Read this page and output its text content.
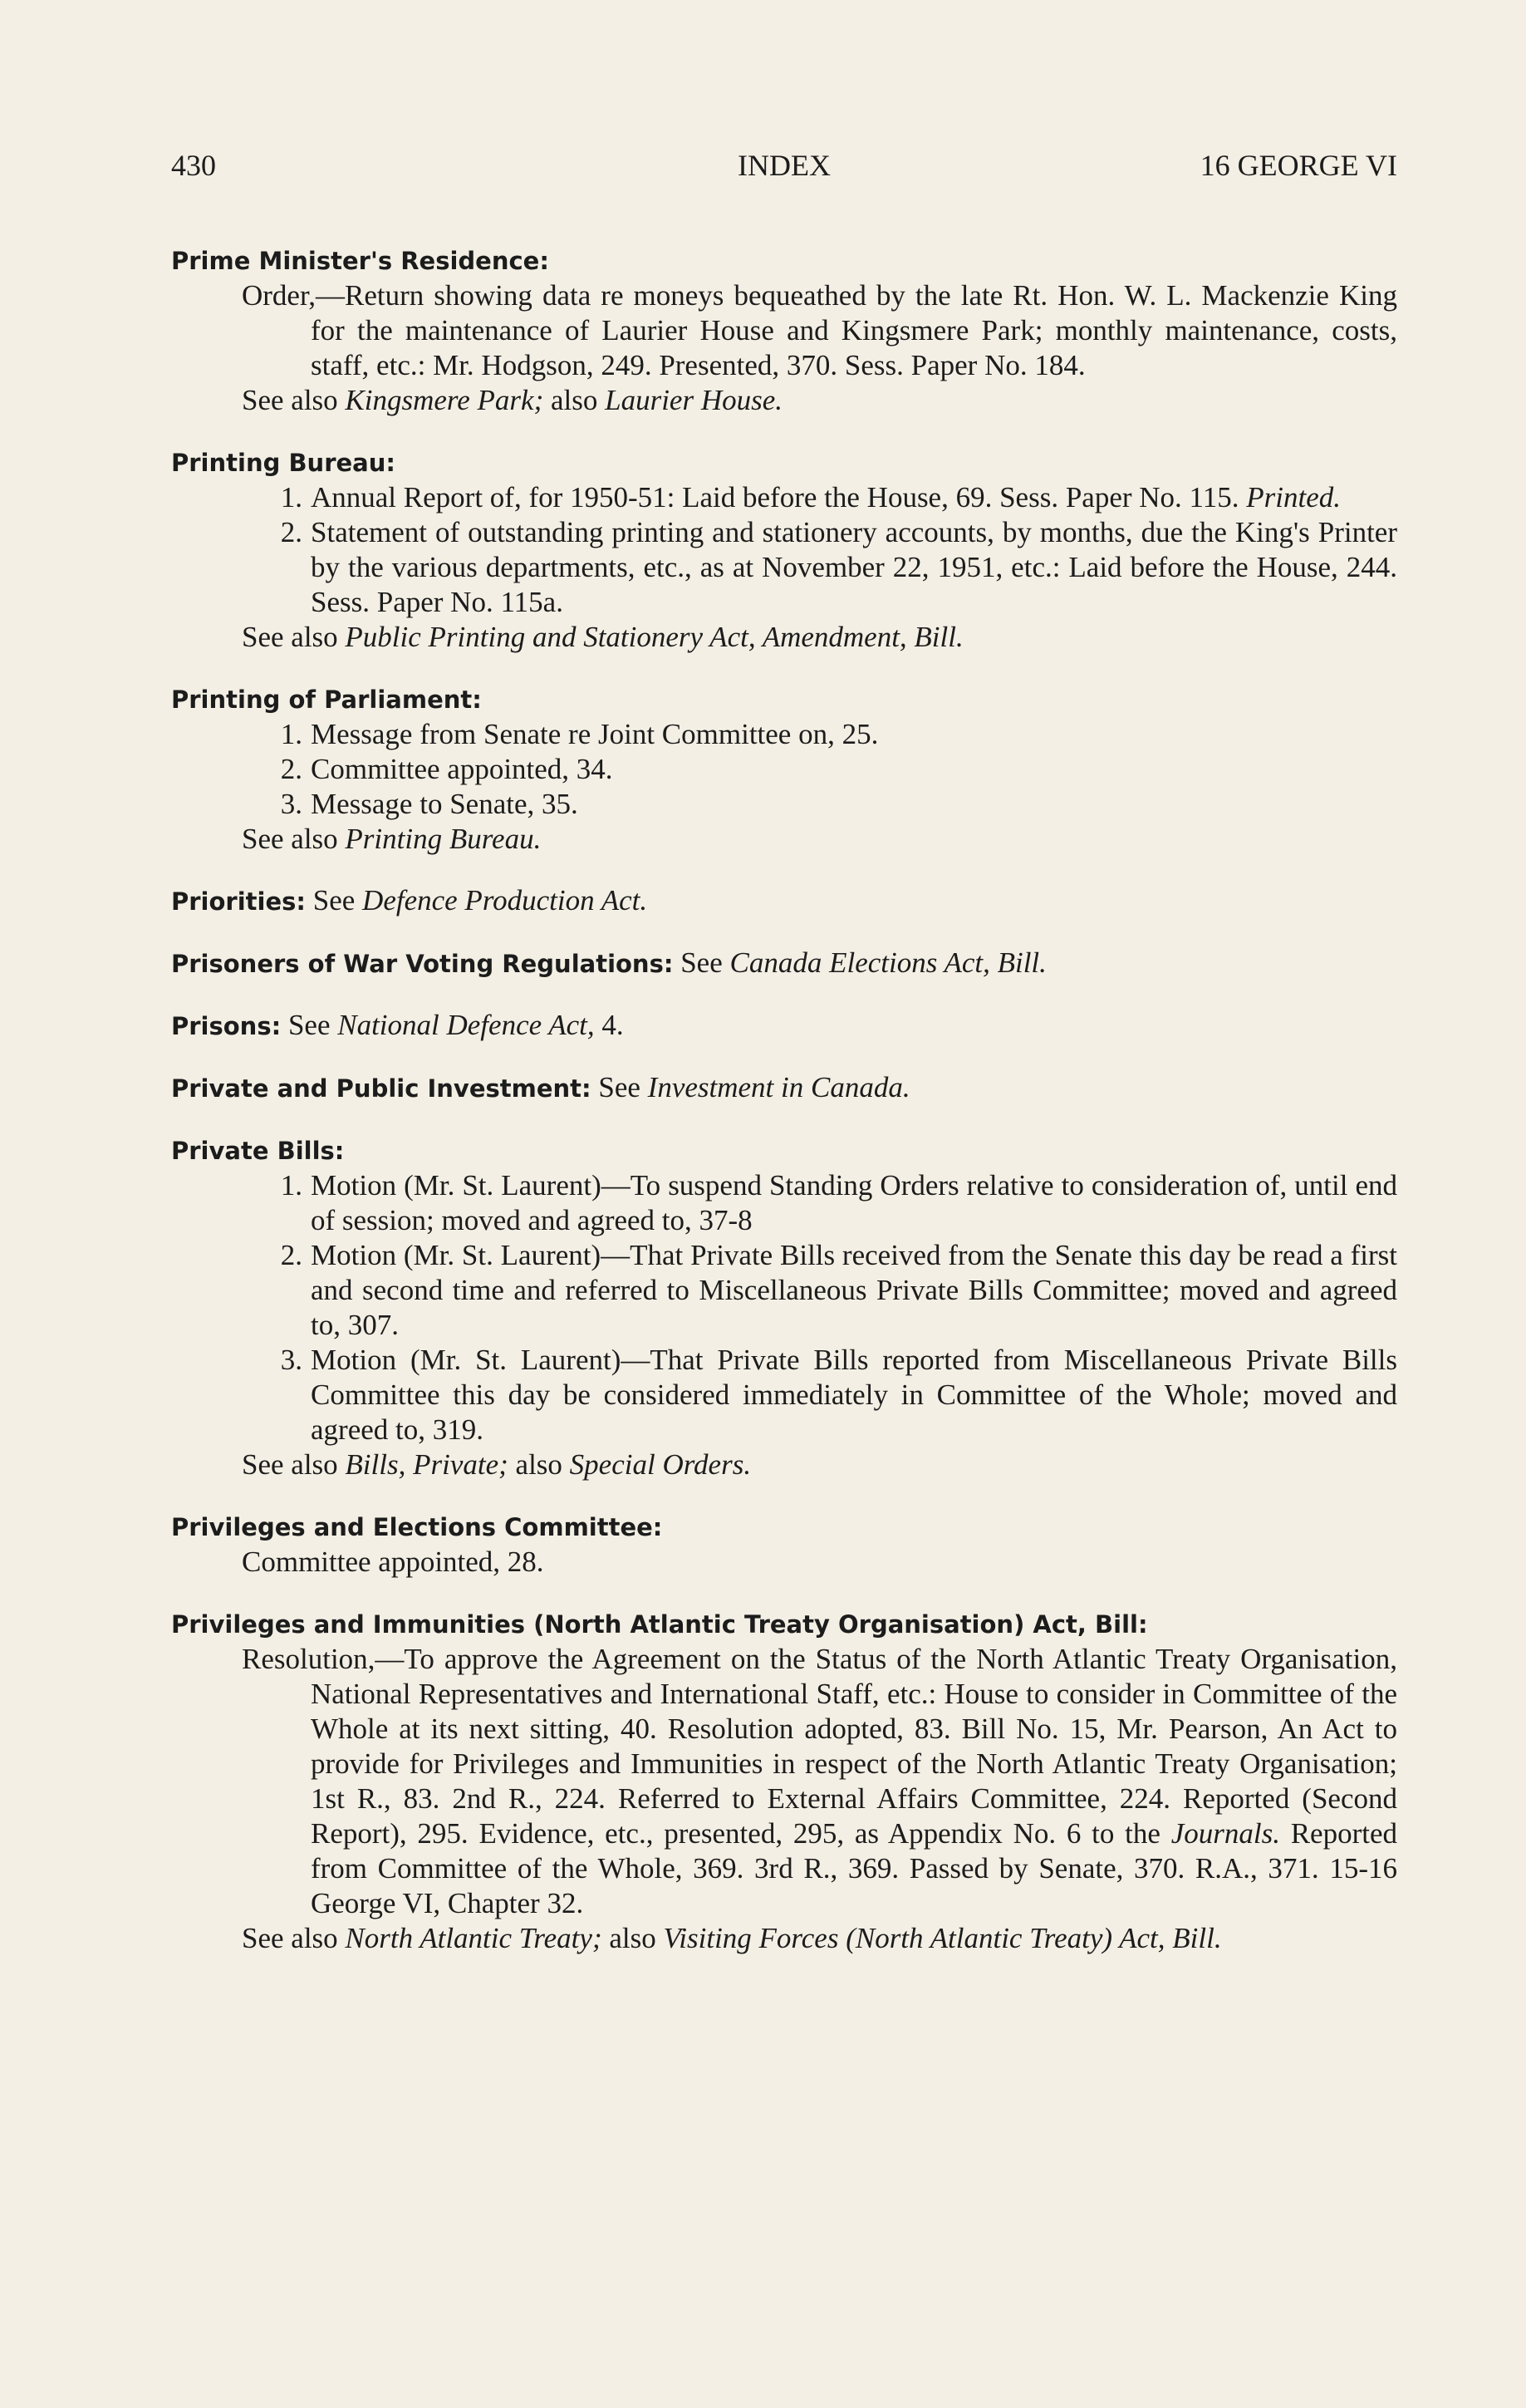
430	INDEX	16 GEORGE VI
Prime Minister's Residence:
Order,—Return showing data re moneys bequeathed by the late Rt. Hon. W. L. Mackenzie King for the maintenance of Laurier House and Kingsmere Park; monthly maintenance, costs, staff, etc.: Mr. Hodgson, 249. Presented, 370. Sess. Paper No. 184.
See also Kingsmere Park; also Laurier House.
Printing Bureau:
1. Annual Report of, for 1950-51: Laid before the House, 69. Sess. Paper No. 115. Printed.
2. Statement of outstanding printing and stationery accounts, by months, due the King's Printer by the various departments, etc., as at November 22, 1951, etc.: Laid before the House, 244. Sess. Paper No. 115a.
See also Public Printing and Stationery Act, Amendment, Bill.
Printing of Parliament:
1. Message from Senate re Joint Committee on, 25.
2. Committee appointed, 34.
3. Message to Senate, 35.
See also Printing Bureau.
Priorities: See Defence Production Act.
Prisoners of War Voting Regulations: See Canada Elections Act, Bill.
Prisons: See National Defence Act, 4.
Private and Public Investment: See Investment in Canada.
Private Bills:
1. Motion (Mr. St. Laurent)—To suspend Standing Orders relative to consideration of, until end of session; moved and agreed to, 37-8
2. Motion (Mr. St. Laurent)—That Private Bills received from the Senate this day be read a first and second time and referred to Miscellaneous Private Bills Committee; moved and agreed to, 307.
3. Motion (Mr. St. Laurent)—That Private Bills reported from Miscellaneous Private Bills Committee this day be considered immediately in Committee of the Whole; moved and agreed to, 319.
See also Bills, Private; also Special Orders.
Privileges and Elections Committee:
Committee appointed, 28.
Privileges and Immunities (North Atlantic Treaty Organisation) Act, Bill:
Resolution,—To approve the Agreement on the Status of the North Atlantic Treaty Organisation, National Representatives and International Staff, etc.: House to consider in Committee of the Whole at its next sitting, 40. Resolution adopted, 83. Bill No. 15, Mr. Pearson, An Act to provide for Privileges and Immunities in respect of the North Atlantic Treaty Organisation; 1st R., 83. 2nd R., 224. Referred to External Affairs Committee, 224. Reported (Second Report), 295. Evidence, etc., presented, 295, as Appendix No. 6 to the Journals. Reported from Committee of the Whole, 369. 3rd R., 369. Passed by Senate, 370. R.A., 371. 15-16 George VI, Chapter 32.
See also North Atlantic Treaty; also Visiting Forces (North Atlantic Treaty) Act, Bill.
